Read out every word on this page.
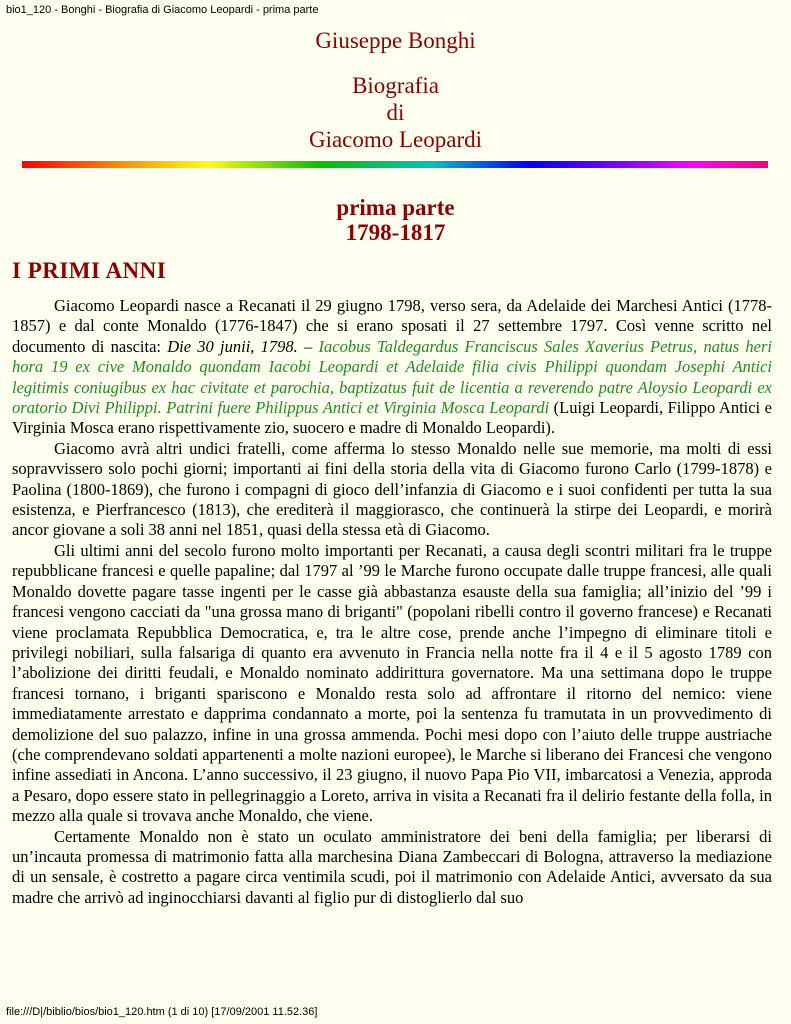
bio1_120 - Bonghi - Biografia di Giacomo Leopardi - prima parte
Giuseppe Bonghi
Biografia
di
Giacomo Leopardi
prima parte
1798-1817
I PRIMI ANNI

Giacomo Leopardi nasce a Recanati il 29 giugno 1798, verso sera, da Adelaide dei Marchesi Antici (1778-1857) e dal conte Monaldo (1776-1847) che si erano sposati il 27 settembre 1797. Così venne scritto nel documento di nascita: Die 30 junii, 1798. – Iacobus Taldegardus Franciscus Sales Xaverius Petrus, natus heri hora 19 ex cive Monaldo quondam Iacobi Leopardi et Adelaide filia civis Philippi quondam Josephi Antici legitimis coniugibus ex hac civitate et parochia, baptizatus fuit de licentia a reverendo patre Aloysio Leopardi ex oratorio Divi Philippi. Patrini fuere Philippus Antici et Virginia Mosca Leopardi (Luigi Leopardi, Filippo Antici e Virginia Mosca erano rispettivamente zio, suocero e madre di Monaldo Leopardi).

Giacomo avrà altri undici fratelli, come afferma lo stesso Monaldo nelle sue memorie, ma molti di essi sopravvissero solo pochi giorni; importanti ai fini della storia della vita di Giacomo furono Carlo (1799-1878) e Paolina (1800-1869), che furono i compagni di gioco dell’infanzia di Giacomo e i suoi confidenti per tutta la sua esistenza, e Pierfrancesco (1813), che erediterà il maggiorasco, che continuerà la stirpe dei Leopardi, e morirà ancor giovane a soli 38 anni nel 1851, quasi della stessa età di Giacomo.

Gli ultimi anni del secolo furono molto importanti per Recanati, a causa degli scontri militari fra le truppe repubblicane francesi e quelle papaline; dal 1797 al ’99 le Marche furono occupate dalle truppe francesi, alle quali Monaldo dovette pagare tasse ingenti per le casse già abbastanza esauste della sua famiglia; all’inizio del ’99 i francesi vengono cacciati da "una grossa mano di briganti" (popolani ribelli contro il governo francese) e Recanati viene proclamata Repubblica Democratica, e, tra le altre cose, prende anche l’impegno di eliminare titoli e privilegi nobiliari, sulla falsariga di quanto era avvenuto in Francia nella notte fra il 4 e il 5 agosto 1789 con l’abolizione dei diritti feudali, e Monaldo nominato addirittura governatore. Ma una settimana dopo le truppe francesi tornano, i briganti spariscono e Monaldo resta solo ad affrontare il ritorno del nemico: viene immediatamente arrestato e dapprima condannato a morte, poi la sentenza fu tramutata in un provvedimento di demolizione del suo palazzo, infine in una grossa ammenda. Pochi mesi dopo con l’aiuto delle truppe austriache (che comprendevano soldati appartenenti a molte nazioni europee), le Marche si liberano dei Francesi che vengono infine assediati in Ancona. L’anno successivo, il 23 giugno, il nuovo Papa Pio VII, imbarcatosi a Venezia, approda a Pesaro, dopo essere stato in pellegrinaggio a Loreto, arriva in visita a Recanati fra il delirio festante della folla, in mezzo alla quale si trovava anche Monaldo, che viene.

Certamente Monaldo non è stato un oculato amministratore dei beni della famiglia; per liberarsi di un’incauta promessa di matrimonio fatta alla marchesina Diana Zambeccari di Bologna, attraverso la mediazione di un sensale, è costretto a pagare circa ventimila scudi, poi il matrimonio con Adelaide Antici, avversato da sua madre che arrivò ad inginocchiarsi davanti al figlio pur di distoglierlo dal suo

file:///D|/biblio/bios/bio1_120.htm (1 di 10) [17/09/2001 11.52.36]
